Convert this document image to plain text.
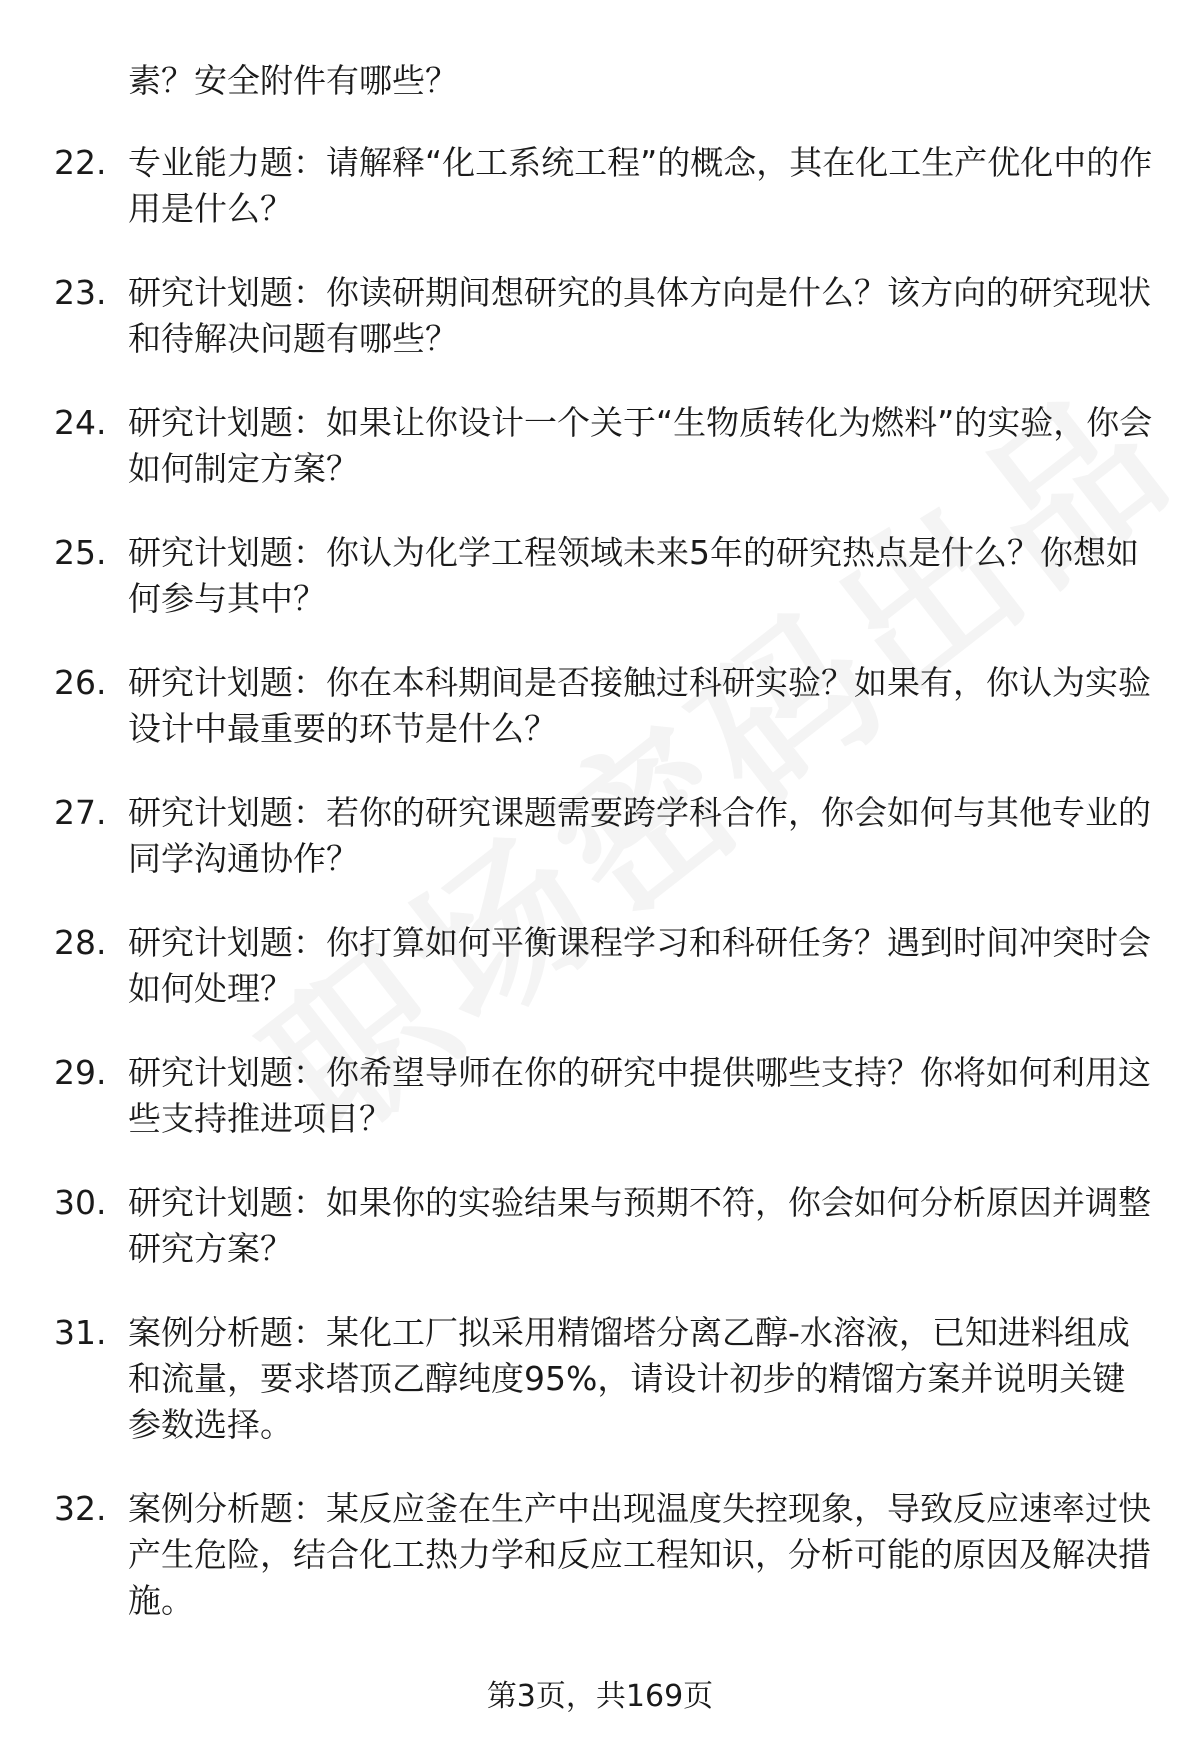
素？安全附件有哪些？
22. 专业能力题：请解释“化工系统工程”的概念，其在化工生产优化中的作用是什么？
23. 研究计划题：你读研期间想研究的具体方向是什么？该方向的研究现状和待解决问题有哪些？
24. 研究计划题：如果让你设计一个关于“生物质转化为燃料”的实验，你会如何制定方案？
25. 研究计划题：你认为化学工程领域未来5年的研究热点是什么？你想如何参与其中？
26. 研究计划题：你在本科期间是否接触过科研实验？如果有，你认为实验设计中最重要的环节是什么？
27. 研究计划题：若你的研究课题需要跨学科合作，你会如何与其他专业的同学沟通协作？
28. 研究计划题：你打算如何平衡课程学习和科研任务？遇到时间冲突时会如何处理？
29. 研究计划题：你希望导师在你的研究中提供哪些支持？你将如何利用这些支持推进项目？
30. 研究计划题：如果你的实验结果与预期不符，你会如何分析原因并调整研究方案？
31. 案例分析题：某化工厂拟采用精馏塔分离乙醇-水溶液，已知进料组成和流量，要求塔顶乙醇纯度95%，请设计初步的精馏方案并说明关键参数选择。
32. 案例分析题：某反应釜在生产中出现温度失控现象，导致反应速率过快产生危险，结合化工热力学和反应工程知识，分析可能的原因及解决措施。
第3页，共169页
